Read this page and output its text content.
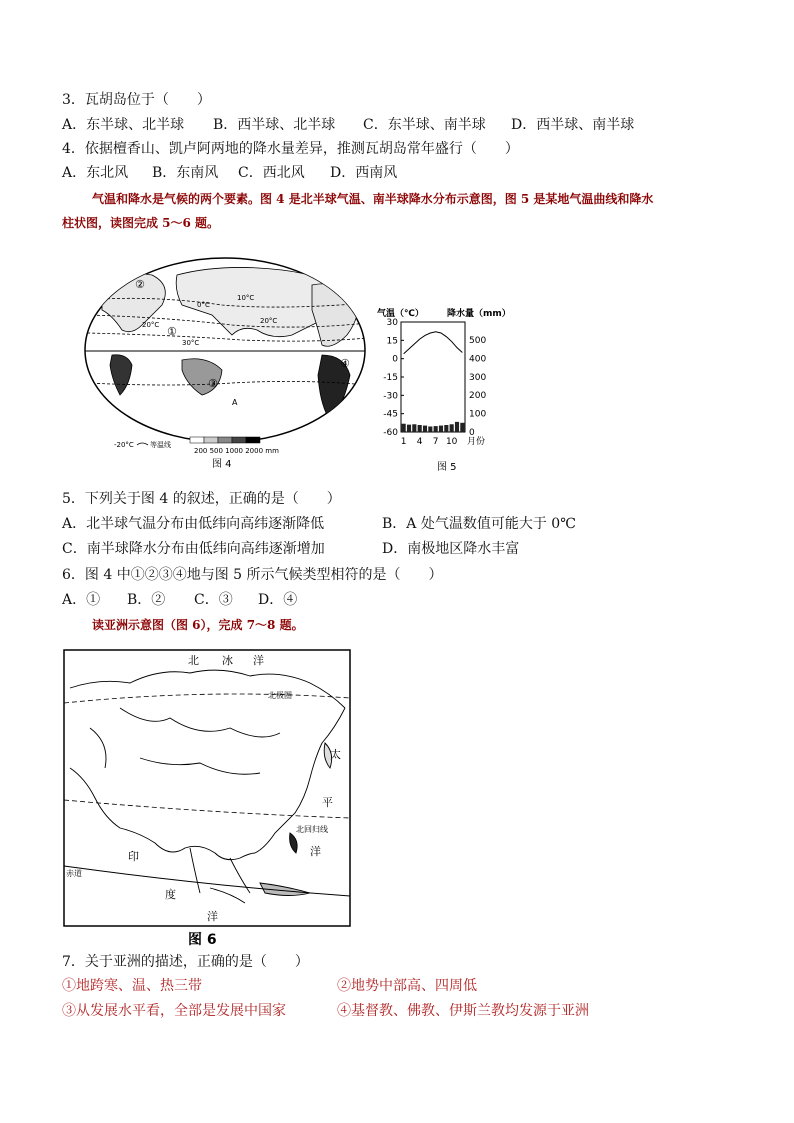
3．瓦胡岛位于（　　）
A．东半球、北半球 B．西半球、北半球 C．东半球、南半球 D．西半球、南半球
4．依据檀香山、凯卢阿两地的降水量差异，推测瓦胡岛常年盛行（　　）
A．东北风 B．东南风 C．西北风 D．西南风
气温和降水是气候的两个要素。图 4 是北半球气温、南半球降水分布示意图，图 5 是某地气温曲线和降水
柱状图，读图完成 5～6 题。
②
①
③
④
A
0°C
10°C
20°C
20°C
30°C
-20°C 等温线
200 500 1000 2000 mm
图 4
气温（℃）	降水量（mm）
30
15
0
-15
-30
-45
-60
500
400
300
200
100
0
1 4 7 10 月份
图 5
5．下列关于图 4 的叙述，正确的是（　　）
A．北半球气温分布由低纬向高纬逐渐降低	B．A 处气温数值可能大于 0℃
C．南半球降水分布由低纬向高纬逐渐增加	D．南极地区降水丰富
6．图 4 中①②③④地与图 5 所示气候类型相符的是（　　）
A．① B．② C．③ D．④
读亚洲示意图（图 6），完成 7～8 题。
北 冰 洋
北极圈
太
平
北回归线
洋
印
度
洋
赤道
图 6
7．关于亚洲的描述，正确的是（　　）
①地跨寒、温、热三带	②地势中部高、四周低
③从发展水平看，全部是发展中国家	④基督教、佛教、伊斯兰教均发源于亚洲
